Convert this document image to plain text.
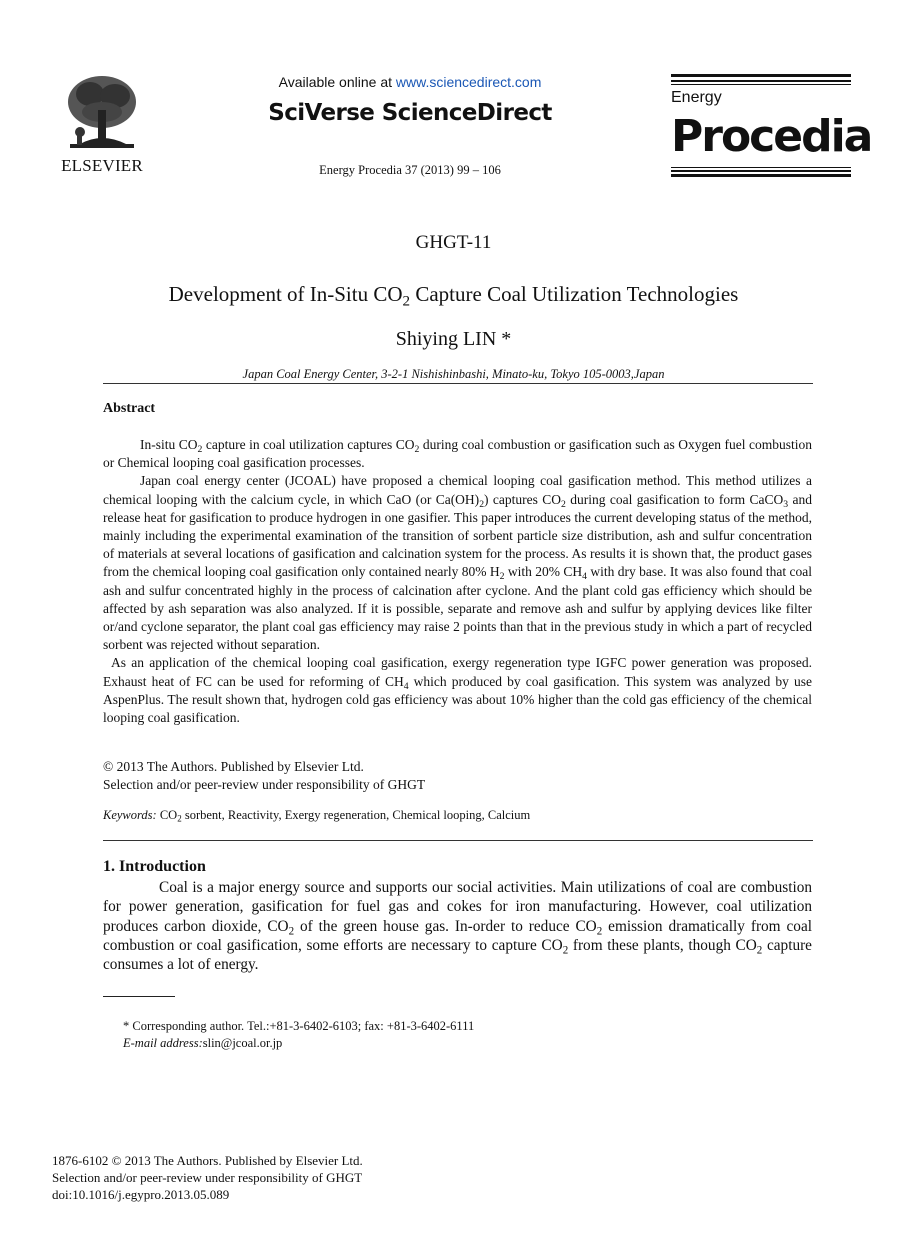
ELSEVIER
Available online at www.sciencedirect.com
SciVerse ScienceDirect
Energy Procedia 37 (2013) 99 – 106
Energy
Procedia
GHGT-11
Development of In-Situ $CO_2$ Capture Coal Utilization Technologies
Shiying LIN *
Japan Coal Energy Center, 3-2-1 Nishishinbashi, Minato-ku, Tokyo 105-0003,Japan
Abstract

In-situ $CO_2$ capture in coal utilization captures $CO_2$ during coal combustion or gasification such as Oxygen fuel combustion or Chemical looping coal gasification processes.

Japan coal energy center (JCOAL) have proposed a chemical looping coal gasification method. This method utilizes a chemical looping with the calcium cycle, in which CaO (or $Ca(OH)_2$) captures $CO_2$ during coal gasification to form CaCO$_3$ and release heat for gasification to produce hydrogen in one gasifier. This paper introduces the current developing status of the method, mainly including the experimental examination of the transition of sorbent particle size distribution, ash and sulfur concentration of materials at several locations of gasification and calcination system for the process. As results it is shown that, the product gases from the chemical looping coal gasification only contained nearly 80% $H_2$ with 20% $CH_4$ with dry base. It was also found that coal ash and sulfur concentrated highly in the process of calcination after cyclone. And the plant cold gas efficiency which should be affected by ash separation was also analyzed. If it is possible, separate and remove ash and sulfur by applying devices like filter or/and cyclone separator, the plant coal gas efficiency may raise 2 points than that in the previous study in which a part of recycled sorbent was rejected without separation.

As an application of the chemical looping coal gasification, exergy regeneration type IGFC power generation was proposed. Exhaust heat of FC can be used for reforming of $CH_4$ which produced by coal gasification. This system was analyzed by use AspenPlus. The result shown that, hydrogen cold gas efficiency was about 10% higher than the cold gas efficiency of the chemical looping coal gasification.

© 2013 The Authors. Published by Elsevier Ltd.
Selection and/or peer-review under responsibility of GHGT
Keywords: $CO_2$ sorbent, Reactivity, Exergy regeneration, Chemical looping, Calcium
1. Introduction

Coal is a major energy source and supports our social activities. Main utilizations of coal are combustion for power generation, gasification for fuel gas and cokes for iron manufacturing. However, coal utilization produces carbon dioxide, $CO_2$ of the green house gas. In-order to reduce $CO_2$ emission dramatically from coal combustion or coal gasification, some efforts are necessary to capture $CO_2$ from these plants, though $CO_2$ capture consumes a lot of energy.

* Corresponding author. Tel.:+81-3-6402-6103; fax: +81-3-6402-6111
E-mail address:slin@jcoal.or.jp
1876-6102 © 2013 The Authors. Published by Elsevier Ltd.
Selection and/or peer-review under responsibility of GHGT
doi:10.1016/j.egypro.2013.05.089
